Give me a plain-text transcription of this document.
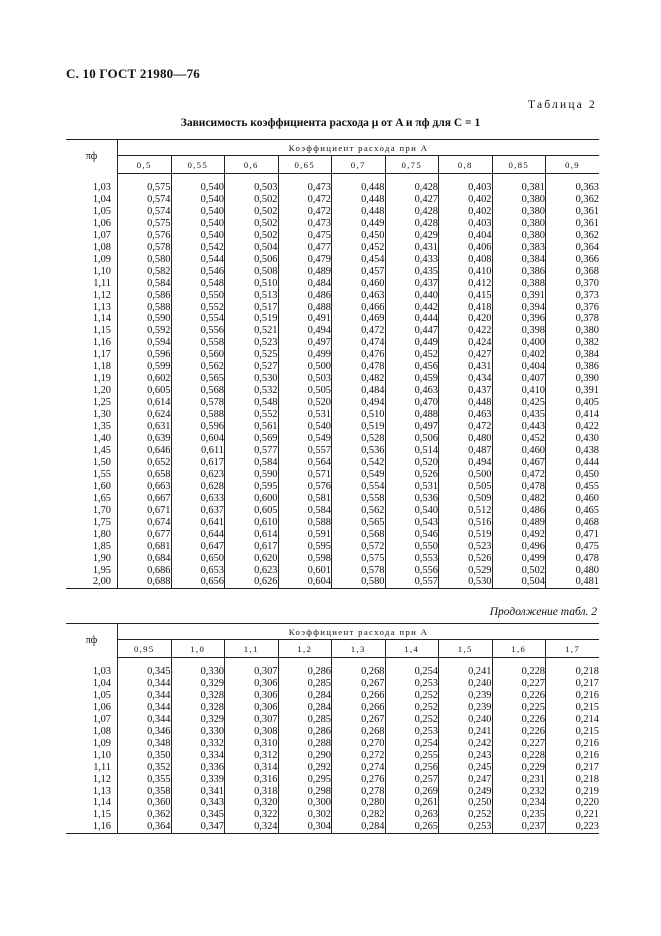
С. 10 ГОСТ 21980—76
Таблица 2
Зависимость коэффициента расхода μ от A и πф для C = 1
πф	Коэффициент расхода при A								
	0,5	0,55	0,6	0,65	0,7	0,75	0,8	0,85	0,9

1,03	0,575	0,540	0,503	0,473	0,448	0,428	0,403	0,381	0,363
1,04	0,574	0,540	0,502	0,472	0,448	0,427	0,402	0,380	0,362
1,05	0,574	0,540	0,502	0,472	0,448	0,428	0,402	0,380	0,361
1,06	0,575	0,540	0,502	0,473	0,449	0,428	0,403	0,380	0,361
1,07	0,576	0,540	0,502	0,475	0,450	0,429	0,404	0,380	0,362
1,08	0,578	0,542	0,504	0,477	0,452	0,431	0,406	0,383	0,364
1,09	0,580	0,544	0,506	0,479	0,454	0,433	0,408	0,384	0,366
1,10	0,582	0,546	0,508	0,489	0,457	0,435	0,410	0,386	0,368
1,11	0,584	0,548	0,510	0,484	0,460	0,437	0,412	0,388	0,370
1,12	0,586	0,550	0,513	0,486	0,463	0,440	0,415	0,391	0,373
1,13	0,588	0,552	0,517	0,488	0,466	0,442	0,418	0,394	0,376
1,14	0,590	0,554	0,519	0,491	0,469	0,444	0,420	0,396	0,378
1,15	0,592	0,556	0,521	0,494	0,472	0,447	0,422	0,398	0,380
1,16	0,594	0,558	0,523	0,497	0,474	0,449	0,424	0,400	0,382
1,17	0,596	0,560	0,525	0,499	0,476	0,452	0,427	0,402	0,384
1,18	0,599	0,562	0,527	0,500	0,478	0,456	0,431	0,404	0,386
1,19	0,602	0,565	0,530	0,503	0,482	0,459	0,434	0,407	0,390
1,20	0,605	0,568	0,532	0,505	0,484	0,463	0,437	0,410	0,391
1,25	0,614	0,578	0,548	0,520	0,494	0,470	0,448	0,425	0,405
1,30	0,624	0,588	0,552	0,531	0,510	0,488	0,463	0,435	0,414
1,35	0,631	0,596	0,561	0,540	0,519	0,497	0,472	0,443	0,422
1,40	0,639	0,604	0,569	0,549	0,528	0,506	0,480	0,452	0,430
1,45	0,646	0,611	0,577	0,557	0,536	0,514	0,487	0,460	0,438
1,50	0,652	0,617	0,584	0,564	0,542	0,520	0,494	0,467	0,444
1,55	0,658	0,623	0,590	0,571	0,549	0,526	0,500	0,472	0,450
1,60	0,663	0,628	0,595	0,576	0,554	0,531	0,505	0,478	0,455
1,65	0,667	0,633	0,600	0,581	0,558	0,536	0,509	0,482	0,460
1,70	0,671	0,637	0,605	0,584	0,562	0,540	0,512	0,486	0,465
1,75	0,674	0,641	0,610	0,588	0,565	0,543	0,516	0,489	0,468
1,80	0,677	0,644	0,614	0,591	0,568	0,546	0,519	0,492	0,471
1,85	0,681	0,647	0,617	0,595	0,572	0,550	0,523	0,496	0,475
1,90	0,684	0,650	0,620	0,598	0,575	0,553	0,526	0,499	0,478
1,95	0,686	0,653	0,623	0,601	0,578	0,556	0,529	0,502	0,480
2,00	0,688	0,656	0,626	0,604	0,580	0,557	0,530	0,504	0,481
Продолжение табл. 2
πф	Коэффициент расхода при A								
	0,95	1,0	1,1	1,2	1,3	1,4	1,5	1,6	1,7

1,03	0,345	0,330	0,307	0,286	0,268	0,254	0,241	0,228	0,218
1,04	0,344	0,329	0,306	0,285	0,267	0,253	0,240	0,227	0,217
1,05	0,344	0,328	0,306	0,284	0,266	0,252	0,239	0,226	0,216
1,06	0,344	0,328	0,306	0,284	0,266	0,252	0,239	0,225	0,215
1,07	0,344	0,329	0,307	0,285	0,267	0,252	0,240	0,226	0,214
1,08	0,346	0,330	0,308	0,286	0,268	0,253	0,241	0,226	0,215
1,09	0,348	0,332	0,310	0,288	0,270	0,254	0,242	0,227	0,216
1,10	0,350	0,334	0,312	0,290	0,272	0,255	0,243	0,228	0,216
1,11	0,352	0,336	0,314	0,292	0,274	0,256	0,245	0,229	0,217
1,12	0,355	0,339	0,316	0,295	0,276	0,257	0,247	0,231	0,218
1,13	0,358	0,341	0,318	0,298	0,278	0,269	0,249	0,232	0,219
1,14	0,360	0,343	0,320	0,300	0,280	0,261	0,250	0,234	0,220
1,15	0,362	0,345	0,322	0,302	0,282	0,263	0,252	0,235	0,221
1,16	0,364	0,347	0,324	0,304	0,284	0,265	0,253	0,237	0,223
